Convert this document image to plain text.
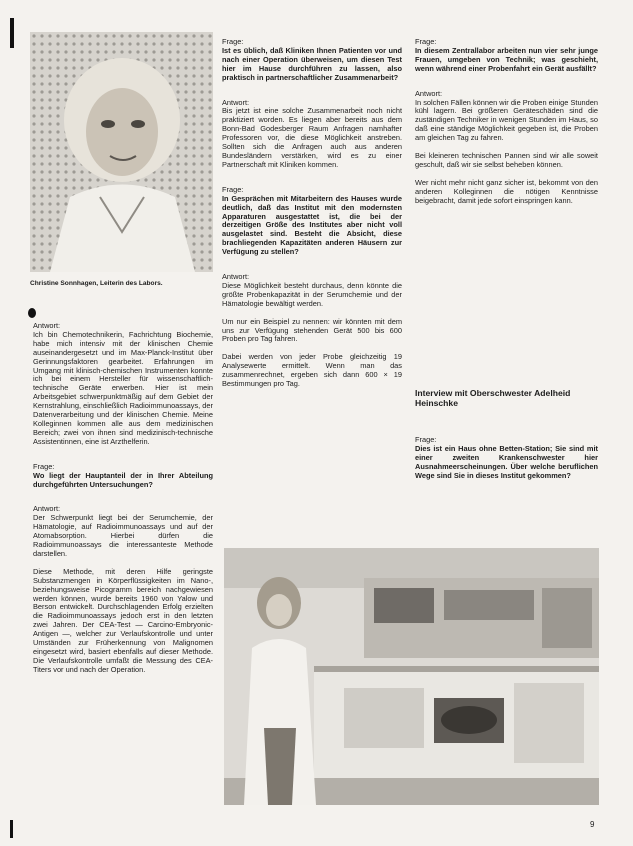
Christine Sonnhagen, Leiterin des Labors.

Antwort:
Ich bin Chemotechnikerin, Fachrichtung Biochemie, habe mich intensiv mit der klinischen Chemie auseinandergesetzt und im Max-Planck-Institut über Gerinnungsfaktoren gearbeitet. Erfahrungen im Umgang mit klinisch-chemischen Instrumenten konnte ich bei einem Hersteller für wissenschaftlich-technische Geräte erwerben. Hier ist mein Arbeitsgebiet schwerpunktmäßig auf dem Gebiet der Kernstrahlung, einschließlich Radioimmunoassays, der Datenverarbeitung und der klinischen Chemie. Meine Kolleginnen kommen alle aus dem medizinischen Bereich; zwei von ihnen sind medizinisch-technische Assistentinnen, eine ist Arzthelferin.

Frage:
Wo liegt der Hauptanteil der in Ihrer Abteilung durchgeführten Untersuchungen?

Antwort:
Der Schwerpunkt liegt bei der Serumchemie, der Hämatologie, auf Radioimmunoassays und auf der Atomabsorption. Hierbei dürfen die Radioimmunoassays die interessanteste Methode darstellen.

Diese Methode, mit deren Hilfe geringste Substanzmengen in Körperflüssigkeiten im Nano-, beziehungsweise Picogramm bereich nachgewiesen werden können, wurde bereits 1960 von Yalow und Berson entwickelt. Durchschlagenden Erfolg erzielten die Radioimmunoassays jedoch erst in den letzten zwei Jahren. Der CEA-Test — Carcino-Embryonic-Antigen —, welcher zur Verlaufskontrolle und unter Umständen zur Früherkennung von Malignomen eingesetzt wird, basiert ebenfalls auf dieser Methode. Die Verlaufskontrolle umfaßt die Messung des CEA-Titers vor und nach der Operation.

Frage:
Ist es üblich, daß Kliniken Ihnen Patienten vor und nach einer Operation überweisen, um diesen Test hier im Hause durchführen zu lassen, also praktisch in partnerschaftlicher Zusammenarbeit?

Antwort:
Bis jetzt ist eine solche Zusammenarbeit noch nicht praktiziert worden. Es liegen aber bereits aus dem Bonn-Bad Godesberger Raum Anfragen namhafter Professoren vor, die diese Möglichkeit anstreben. Sollten sich die Anfragen auch aus anderen Bundesländern verstärken, wird es zu einer Partnerschaft mit Kliniken kommen.

Frage:
In Gesprächen mit Mitarbeitern des Hauses wurde deutlich, daß das Institut mit den modernsten Apparaturen ausgestattet ist, die bei der derzeitigen Größe des Institutes aber nicht voll ausgelastet sind. Besteht die Absicht, diese brachliegenden Kapazitäten anderen Häusern zur Verfügung zu stellen?

Antwort:
Diese Möglichkeit besteht durchaus, denn könnte die größte Probenkapazität in der Serumchemie und der Hämatologie bewältigt werden.

Um nur ein Beispiel zu nennen: wir könnten mit dem uns zur Verfügung stehenden Gerät 500 bis 600 Proben pro Tag fahren.

Dabei werden von jeder Probe gleichzeitig 19 Analysewerte ermittelt. Wenn man das zusammenrechnet, ergeben sich dann 600 × 19 Bestimmungen pro Tag.

Frage:
In diesem Zentrallabor arbeiten nun vier sehr junge Frauen, umgeben von Technik; was geschieht, wenn während einer Probenfahrt ein Gerät ausfällt?

Antwort:
In solchen Fällen können wir die Proben einige Stunden kühl lagern. Bei größeren Geräteschäden sind die zuständigen Techniker in wenigen Stunden im Haus, so daß eine ständige Möglichkeit gegeben ist, die Proben am gleichen Tag zu fahren.

Bei kleineren technischen Pannen sind wir alle soweit geschult, daß wir sie selbst beheben können.

Wer nicht mehr nicht ganz sicher ist, bekommt von den anderen Kolleginnen die nötigen Kenntnisse beigebracht, damit jede sofort einspringen kann.

Interview mit Oberschwester Adelheid Heinschke

Frage:
Dies ist ein Haus ohne Betten-Station; Sie sind mit einer zweiten Krankenschwester hier Ausnahmeerscheinungen. Über welche beruflichen Wege sind Sie in dieses Institut gekommen?

9
